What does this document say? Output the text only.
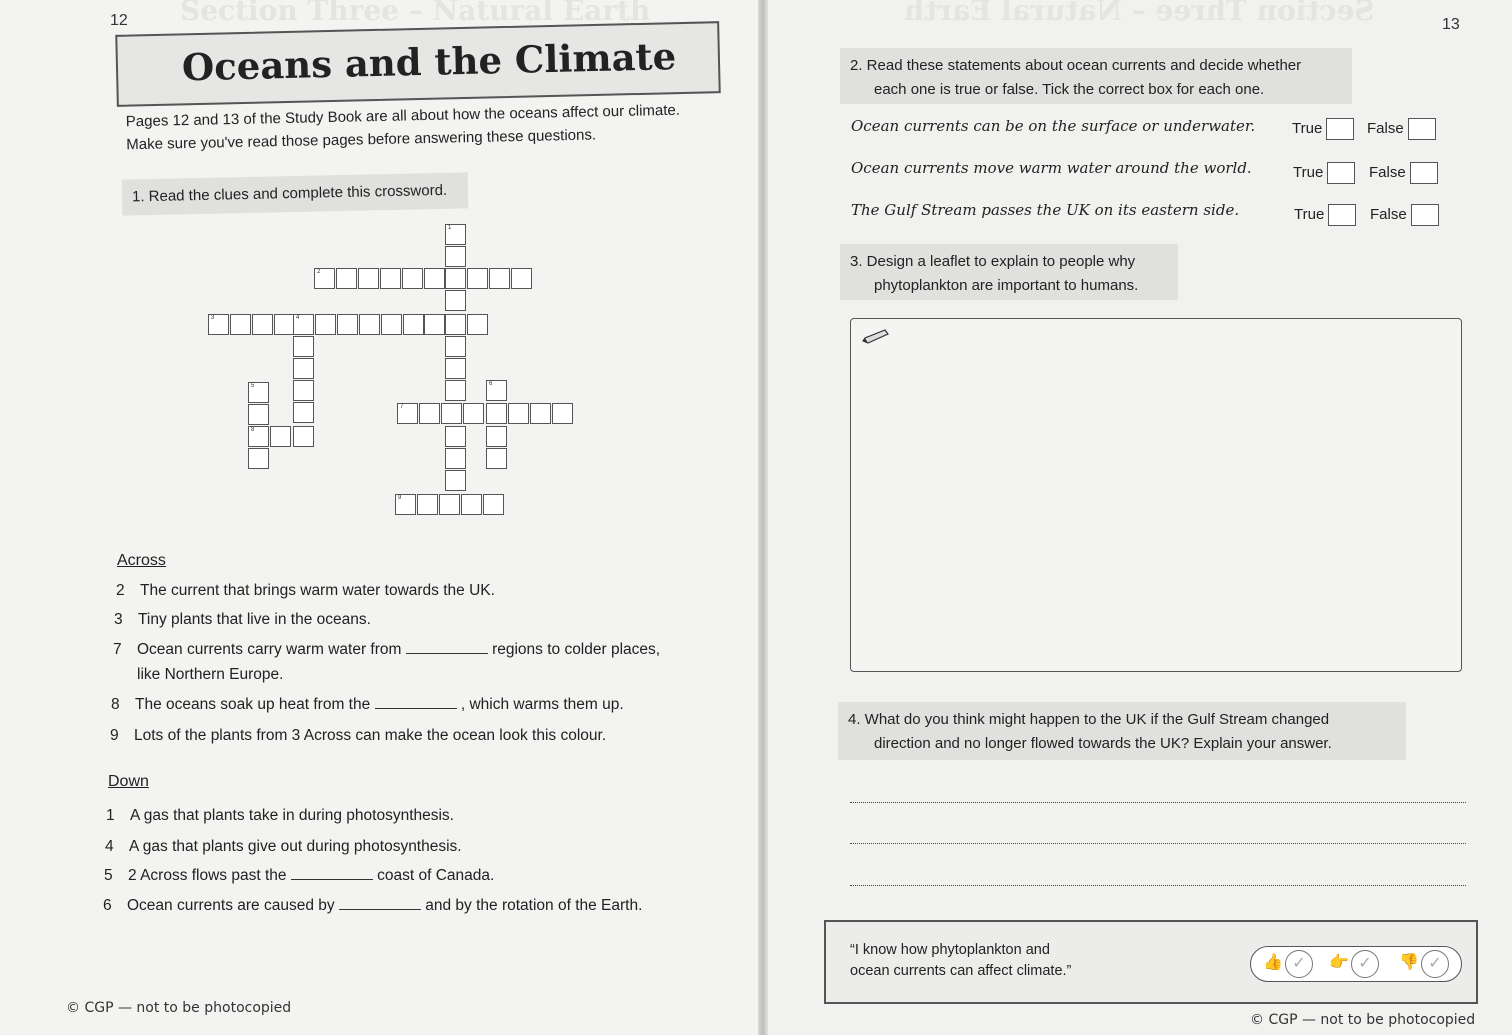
Section Three – Natural Earth	Section Three – Natural Earth
12
Oceans and the Climate
Pages 12 and 13 of the Study Book are all about how the oceans affect our climate.
Make sure you've read those pages before answering these questions.
1. Read the clues and complete this crossword.
1
2
3	4
5
8
6
7
9
Across
2 The current that brings warm water towards the UK.
3 Tiny plants that live in the oceans.
7 Ocean currents carry warm water from	regions to colder places,
like Northern Europe.
8 The oceans soak up heat from the	, which warms them up.
9 Lots of the plants from 3 Across can make the ocean look this colour.
Down
1 A gas that plants take in during photosynthesis.
4 A gas that plants give out during photosynthesis.
5 2 Across flows past the	coast of Canada.
6 Ocean currents are caused by	and by the rotation of the Earth.
© CGP — not to be photocopied
13
2. Read these statements about ocean currents and decide whether
each one is true or false. Tick the correct box for each one.
Ocean currents can be on the surface or underwater. True	False
Ocean currents move warm water around the world.	True	False
The Gulf Stream passes the UK on its eastern side.	True	False
3. Design a leaflet to explain to people why
phytoplankton are important to humans.
4. What do you think might happen to the UK if the Gulf Stream changed
direction and no longer flowed towards the UK? Explain your answer.
“I know how phytoplankton and
ocean currents can affect climate.”	👍 ✓	👉 ✓	👎 ✓
© CGP — not to be photocopied
